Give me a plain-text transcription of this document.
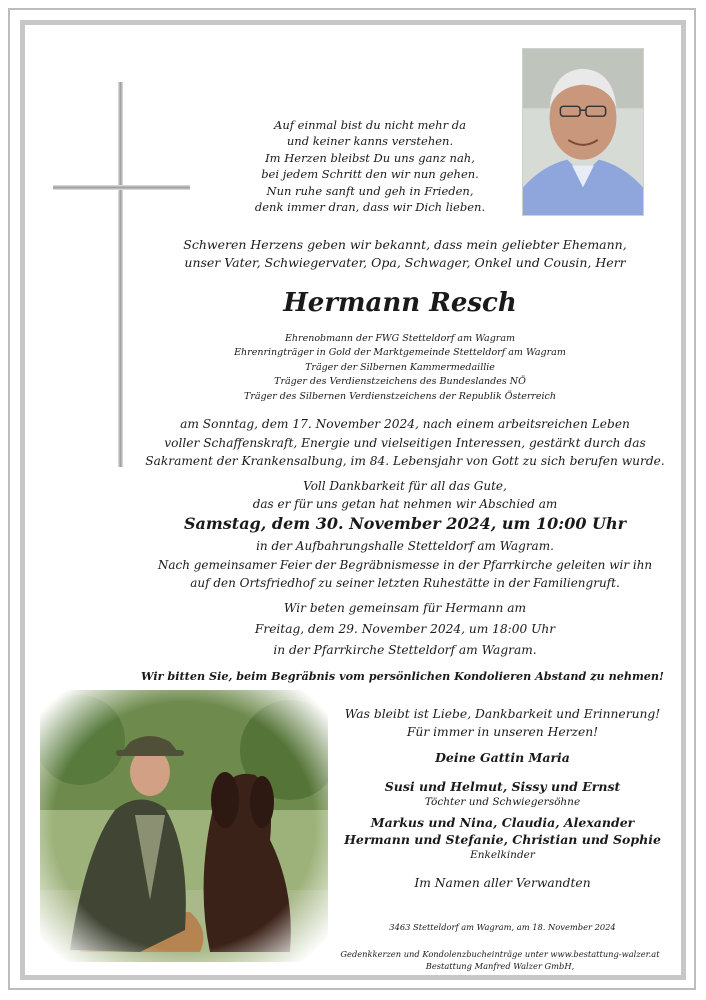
Auf einmal bist du nicht mehr da
und keiner kanns verstehen.
Im Herzen bleibst Du uns ganz nah,
bei jedem Schritt den wir nun gehen.
Nun ruhe sanft und geh in Frieden,
denk immer dran, dass wir Dich lieben.
Schweren Herzens geben wir bekannt, dass mein geliebter Ehemann,
unser Vater, Schwiegervater, Opa, Schwager, Onkel und Cousin, Herr
Hermann Resch
Ehrenobmann der FWG Stetteldorf am Wagram
Ehrenringträger in Gold der Marktgemeinde Stetteldorf am Wagram
Träger der Silbernen Kammermedaillie
Träger des Verdienstzeichens des Bundeslandes NÖ
Träger des Silbernen Verdienstzeichens der Republik Österreich
am Sonntag, dem 17. November 2024, nach einem arbeitsreichen Leben
voller Schaffenskraft, Energie und vielseitigen Interessen, gestärkt durch das
Sakrament der Krankensalbung, im 84. Lebensjahr von Gott zu sich berufen wurde.
Voll Dankbarkeit für all das Gute,
das er für uns getan hat nehmen wir Abschied am
Samstag, dem 30. November 2024, um 10:00 Uhr
in der Aufbahrungshalle Stetteldorf am Wagram.
Nach gemeinsamer Feier der Begräbnismesse in der Pfarrkirche geleiten wir ihn
auf den Ortsfriedhof zu seiner letzten Ruhestätte in der Familiengruft.
Wir beten gemeinsam für Hermann am
Freitag, dem 29. November 2024, um 18:00 Uhr
in der Pfarrkirche Stetteldorf am Wagram.
Wir bitten Sie, beim Begräbnis vom persönlichen Kondolieren Abstand zu nehmen!
Was bleibt ist Liebe, Dankbarkeit und Erinnerung!
Für immer in unseren Herzen!
Deine Gattin Maria
Susi und Helmut, Sissy und Ernst
Töchter und Schwiegersöhne
Markus und Nina, Claudia, Alexander
Hermann und Stefanie, Christian und Sophie
Enkelkinder
Im Namen aller Verwandten
3463 Stetteldorf am Wagram, am 18. November 2024
Gedenkkerzen und Kondolenzbucheinträge unter www.bestattung-walzer.at
Bestattung Manfred Walzer GmbH,
